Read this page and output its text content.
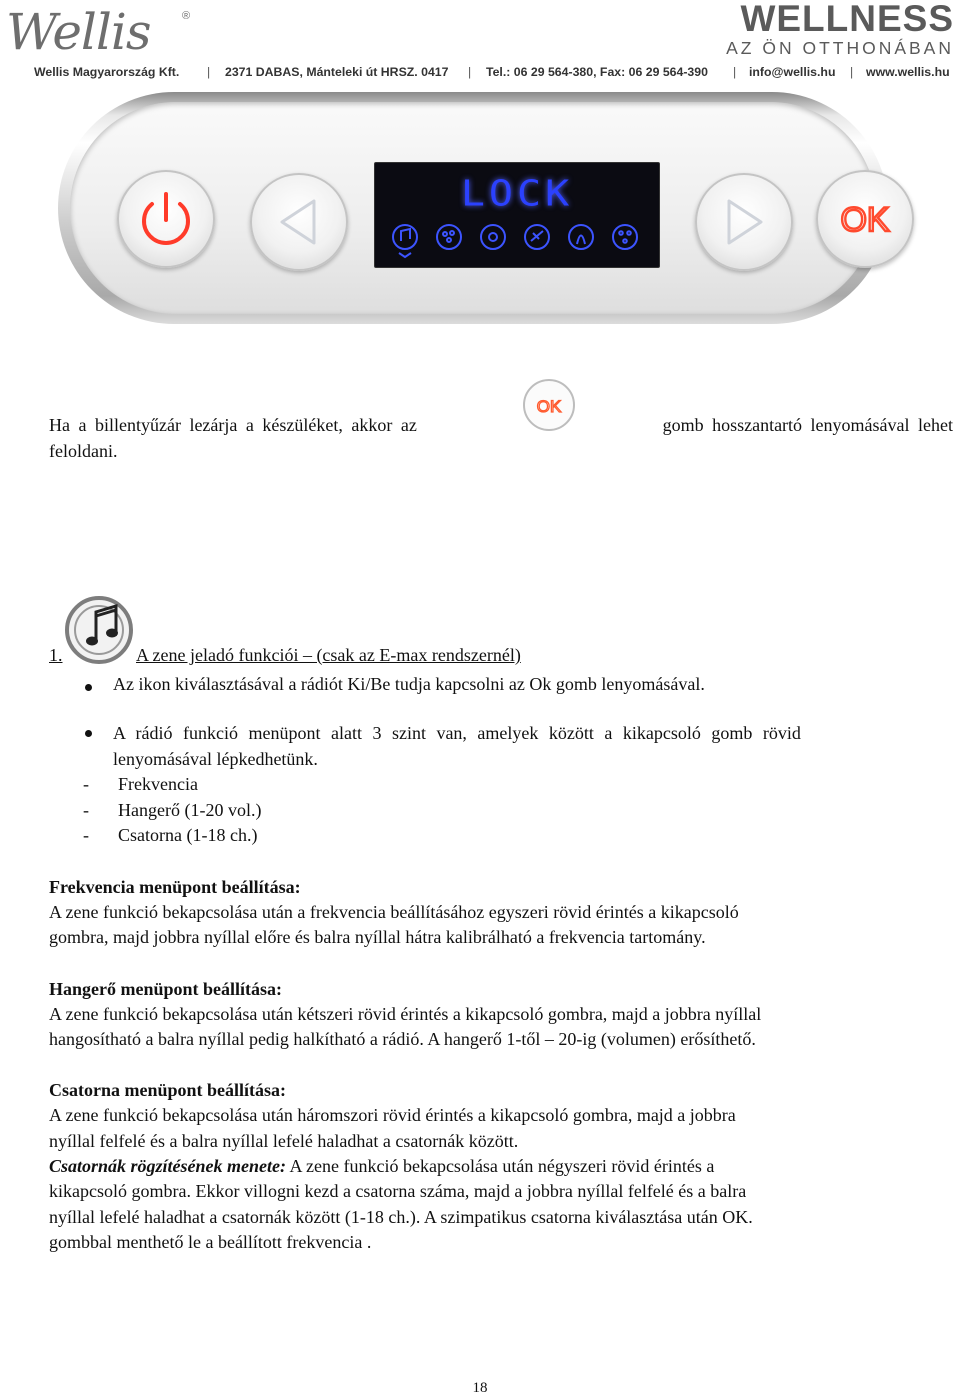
Wellis	®	WELLNESS
AZ ÖN OTTHONÁBAN
Wellis Magyarország Kft. | 2371 DABAS, Mánteleki út HRSZ. 0417 | Tel.: 06 29 564-380, Fax: 06 29 564-390 | info@wellis.hu | www.wellis.hu
LOCK
OK
Ha a billentyűzár lezárja a készüléket, akkor az
OK
gomb hosszantartó lenyomásával lehet
feloldani.
1.	A zene jeladó funkciói – (csak az E-max rendszernél)
Az ikon kiválasztásával a rádiót Ki/Be tudja kapcsolni az Ok gomb lenyomásával.
A rádió funkció menüpont alatt 3 szint van, amelyek között a kikapcsoló gomb rövid
lenyomásával lépkedhetünk.
- Frekvencia
- Hangerő (1-20 vol.)
- Csatorna (1-18 ch.)
Frekvencia menüpont beállítása:
A zene funkció bekapcsolása után a frekvencia beállításához egyszeri rövid érintés a kikapcsoló
gombra, majd jobbra nyíllal előre és balra nyíllal hátra kalibrálható a frekvencia tartomány.
Hangerő menüpont beállítása:
A zene funkció bekapcsolása után kétszeri rövid érintés a kikapcsoló gombra, majd a jobbra nyíllal
hangosítható a balra nyíllal pedig halkítható a rádió. A hangerő 1-től – 20-ig (volumen) erősíthető.
Csatorna menüpont beállítása:
A zene funkció bekapcsolása után háromszori rövid érintés a kikapcsoló gombra, majd a jobbra
nyíllal felfelé és a balra nyíllal lefelé haladhat a csatornák között.
Csatornák rögzítésének menete: A zene funkció bekapcsolása után négyszeri rövid érintés a
kikapcsoló gombra. Ekkor villogni kezd a csatorna száma, majd a jobbra nyíllal felfelé és a balra
nyíllal lefelé haladhat a csatornák között (1-18 ch.). A szimpatikus csatorna kiválasztása után OK.
gombbal menthető le a beállított frekvencia .
18
